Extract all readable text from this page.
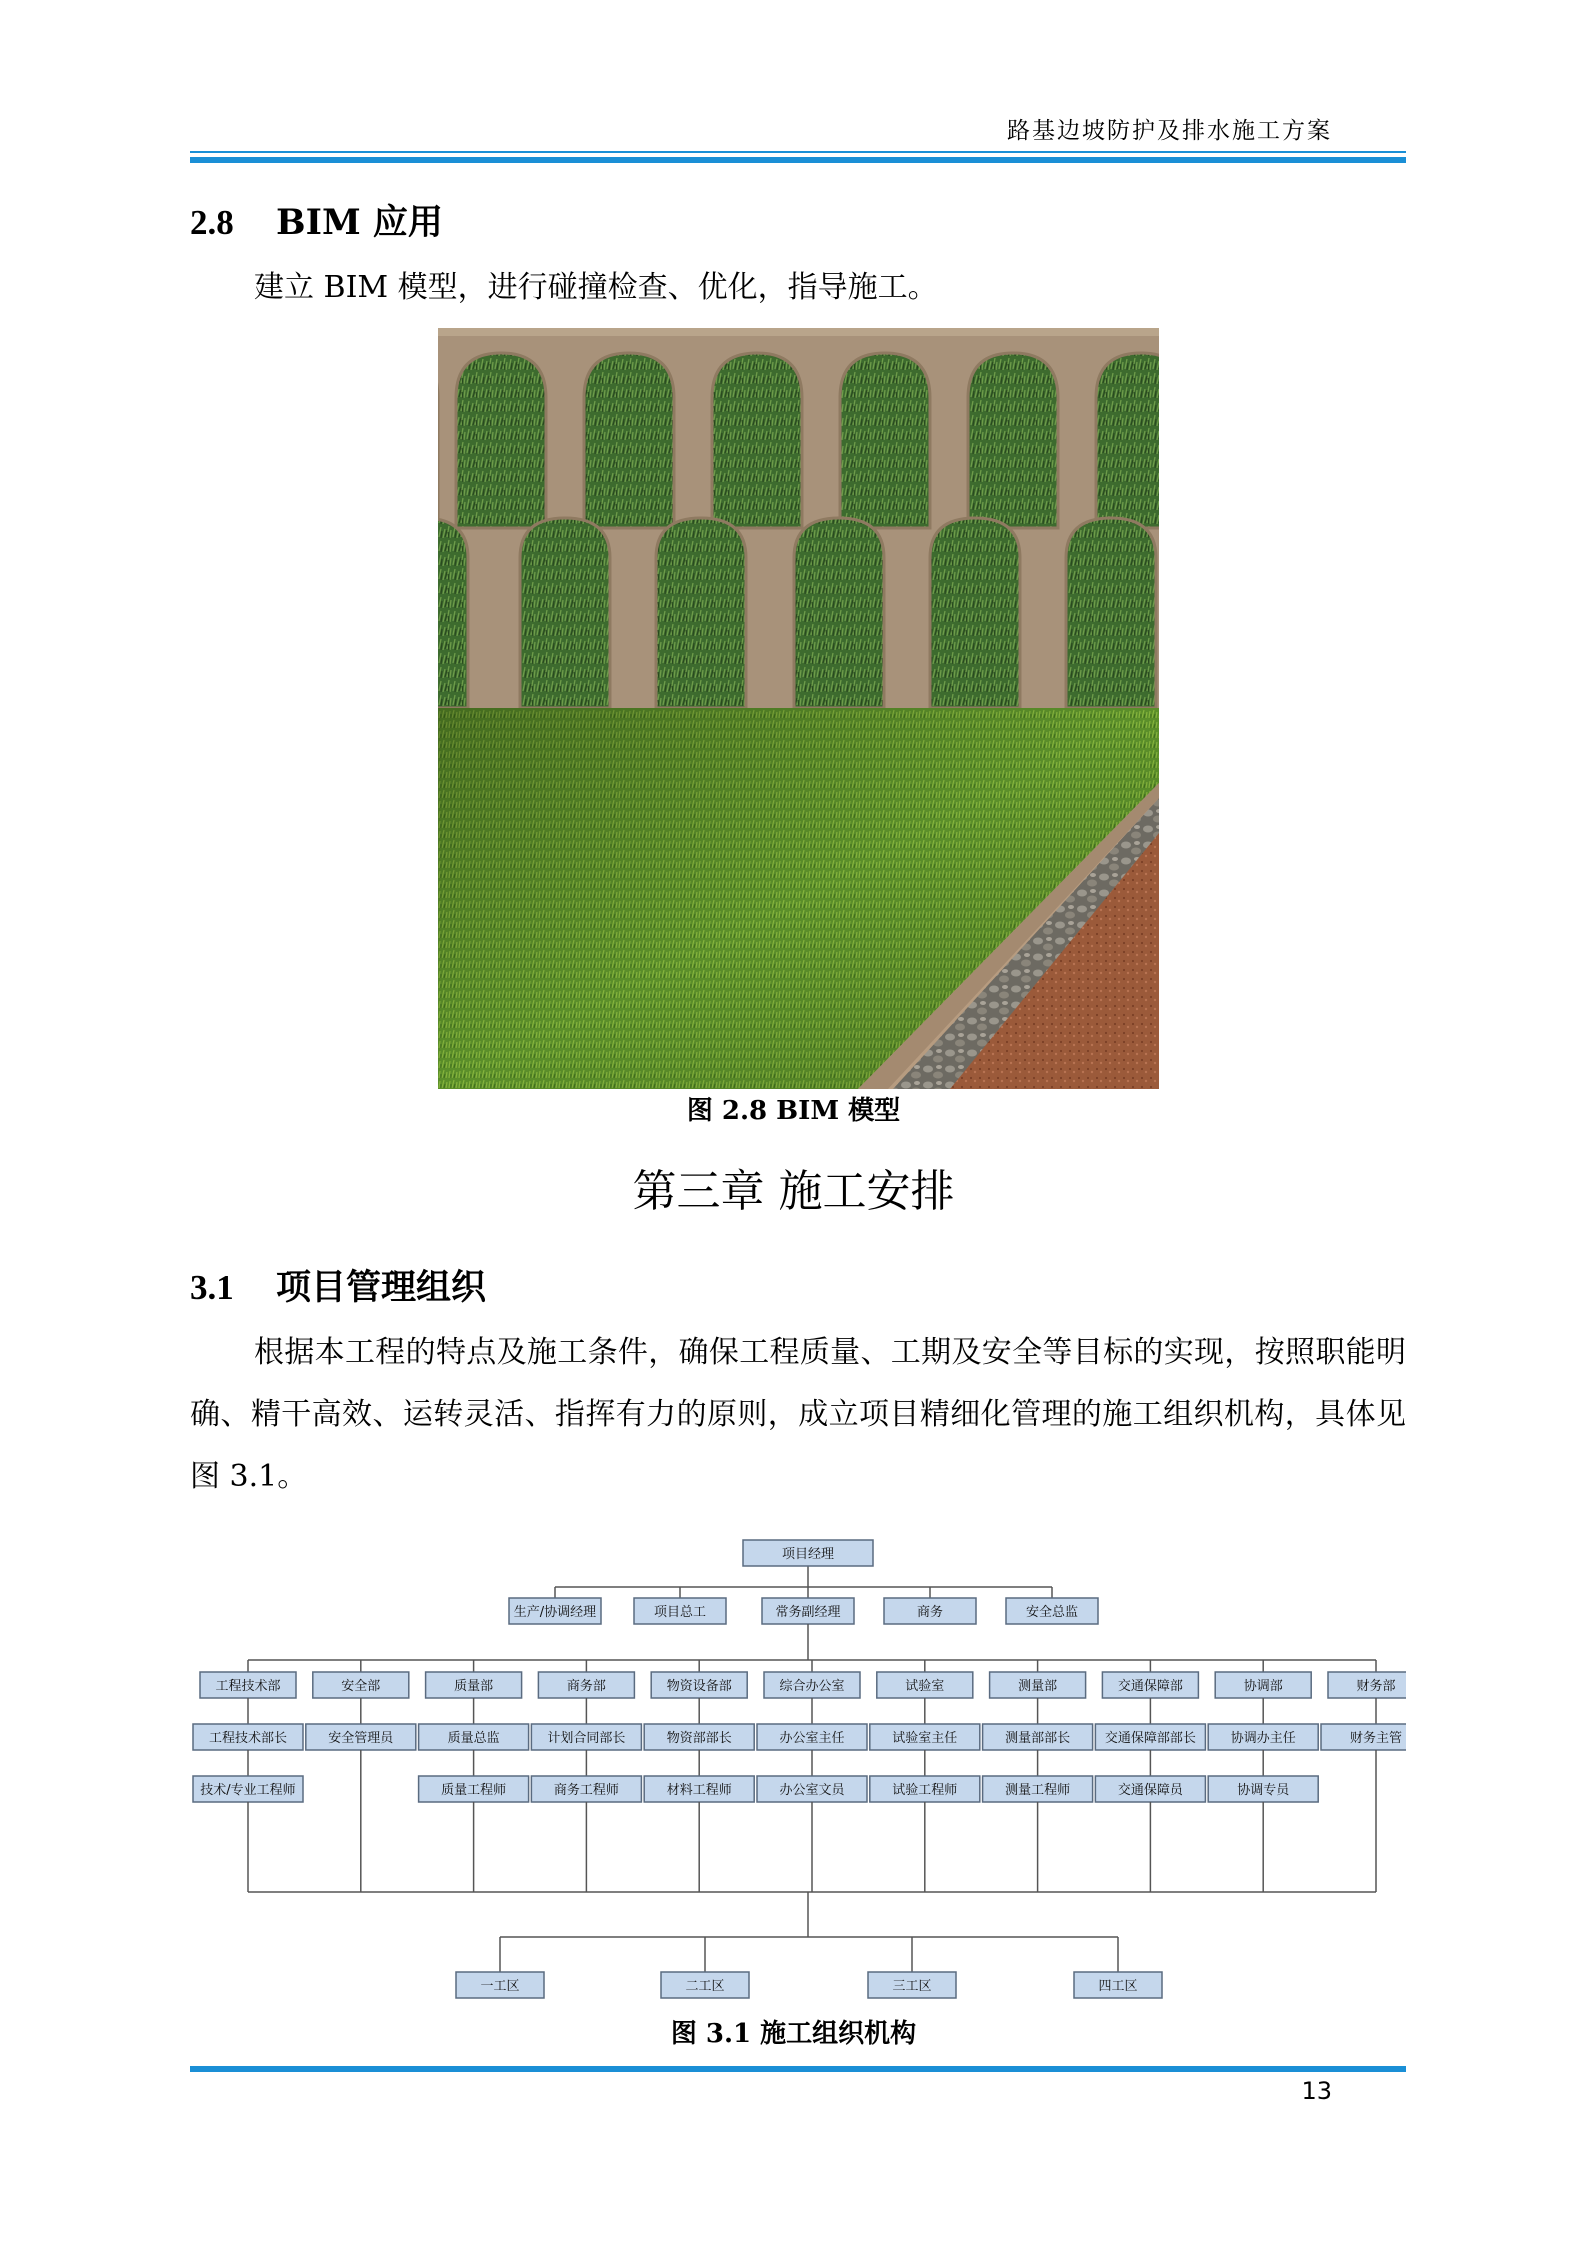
路基边坡防护及排水施工方案
2.8 BIM 应用
建立 BIM 模型，进行碰撞检查、优化，指导施工。
图 2.8 BIM 模型
第三章 施工安排
3.1 项目管理组织
根据本工程的特点及施工条件，确保工程质量、工期及安全等目标的实现，按照职能明确、精干高效、运转灵活、指挥有力的原则，成立项目精细化管理的施工组织机构，具体见图 3.1。
项目经理
生产/协调经理	项目总工	常务副经理	商务	安全总监
工程技术部
工程技术部长
技术/专业工程师
安全部
安全管理员
质量部
质量总监
质量工程师
商务部
计划合同部长
商务工程师
物资设备部
物资部部长
材料工程师
综合办公室
办公室主任
办公室文员
试验室
试验室主任
试验工程师
测量部
测量部部长
测量工程师
交通保障部
交通保障部部长
交通保障员
协调部
协调办主任
协调专员
财务部
财务主管
一工区	二工区	三工区	四工区
图 3.1 施工组织机构
13
